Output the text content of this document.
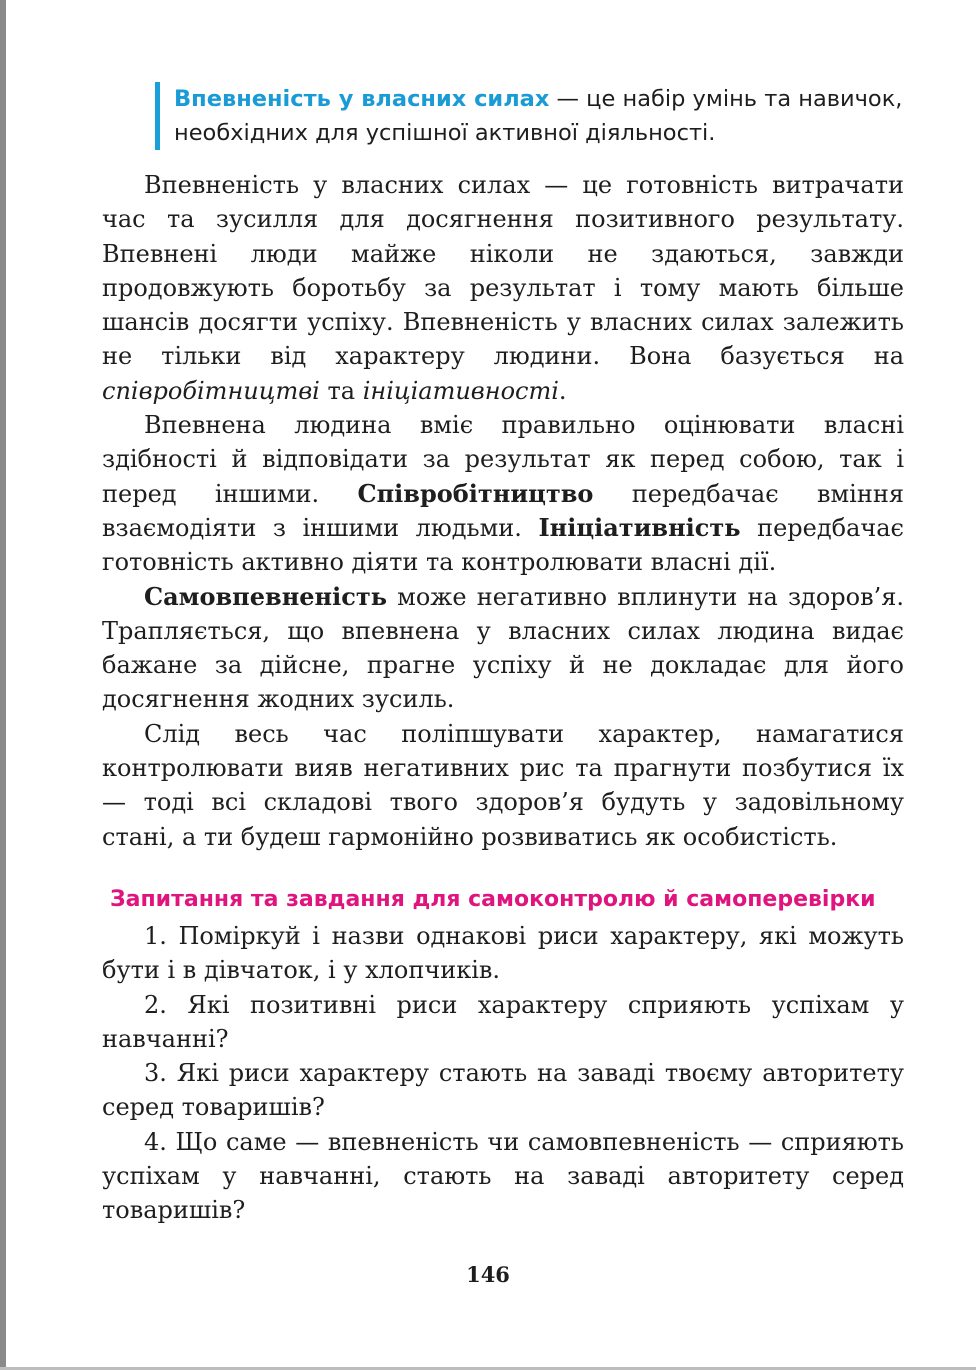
Впевненість у власних силах — це набір умінь та навичок, необхідних для успішної активної діяльності.

Впевненість у власних силах — це готовність витрачати час та зусилля для досягнення позитивного результату. Впевнені люди майже ніколи не здаються, завжди продовжують боротьбу за результат і тому мають більше шансів досягти успіху. Впевненість у власних силах залежить не тільки від характеру людини. Вона базується на співробітництві та ініціативності.

Впевнена людина вміє правильно оцінювати власні здібності й відповідати за результат як перед собою, так і перед іншими. Співробітництво передбачає вміння взаємодіяти з іншими людьми. Ініціативність передбачає готовність активно діяти та контролювати власні дії.

Самовпевненість може негативно вплинути на здоров’я. Трапляється, що впевнена у власних силах людина видає бажане за дійсне, прагне успіху й не докладає для його досягнення жодних зусиль.

Слід весь час поліпшувати характер, намагатися контролювати вияв негативних рис та прагнути позбутися їх — тоді всі складові твого здоров’я будуть у задовільному стані, а ти будеш гармонійно розвиватись як особистість.

Запитання та завдання для самоконтролю й самоперевірки

1. Поміркуй і назви однакові риси характеру, які можуть бути і в дівчаток, і у хлопчиків.

2. Які позитивні риси характеру сприяють успіхам у навчанні?

3. Які риси характеру стають на заваді твоєму авторитету серед товаришів?

4. Що саме — впевненість чи самовпевненість — сприяють успіхам у навчанні, стають на заваді авторитету серед товаришів?

146
